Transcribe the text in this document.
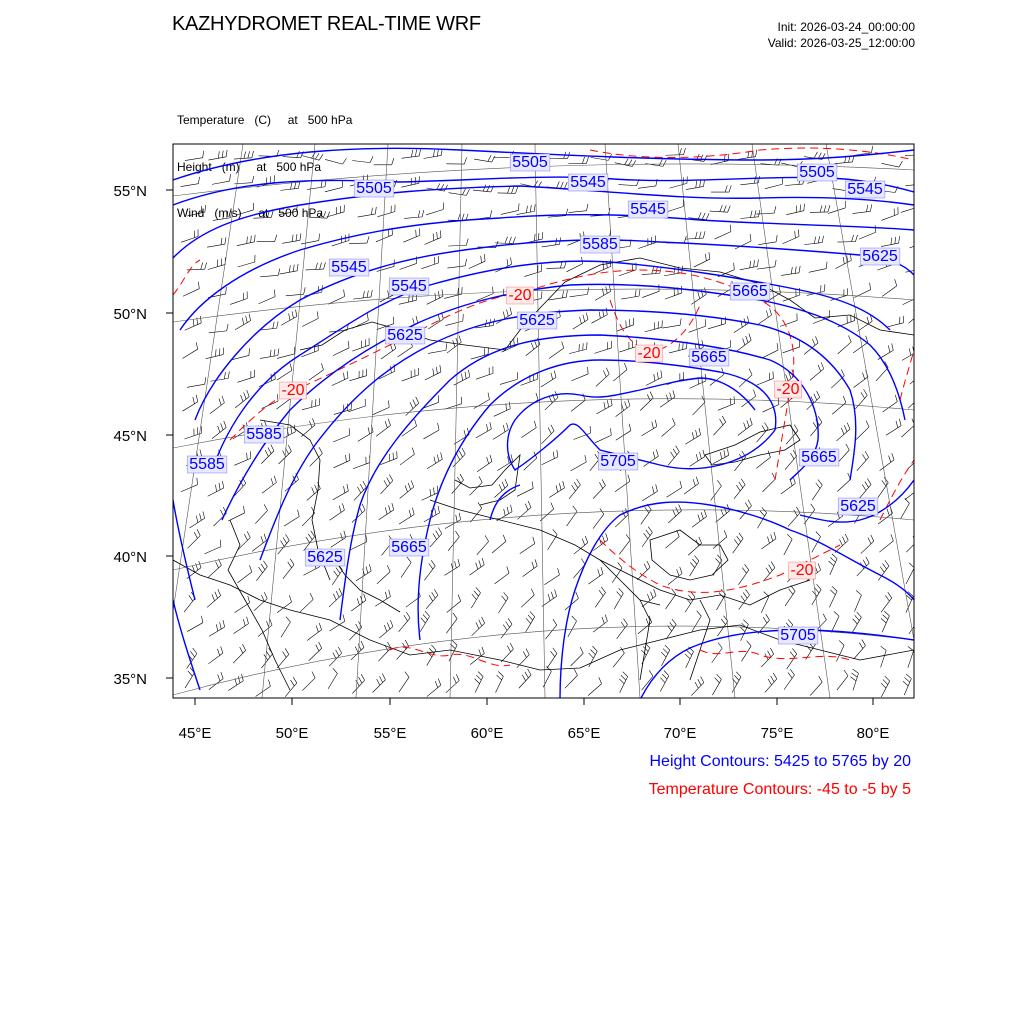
KAZHYDROMET REAL-TIME WRF	Init: 2026-03-24_00:00:00
Valid: 2026-03-25_12:00:00

Temperature   (C)     at   500 hPa

Height   (m)     at   500 hPa

Wind   (m/s)     at   500 hPa

55°N
50°N
45°N
40°N
35°N
45°E	50°E	55°E	60°E	65°E	70°E	75°E	80°E
5505
5505
5505	5545	5545
5545
5545
5545
5585
5585
5585
5625
5625
5625
5625
5625
5665
5665
5665
5665
5705
5705
-20
-20
-20
-20
-20
Height Contours: 5425 to 5765 by 20
Temperature Contours: -45 to -5 by 5
